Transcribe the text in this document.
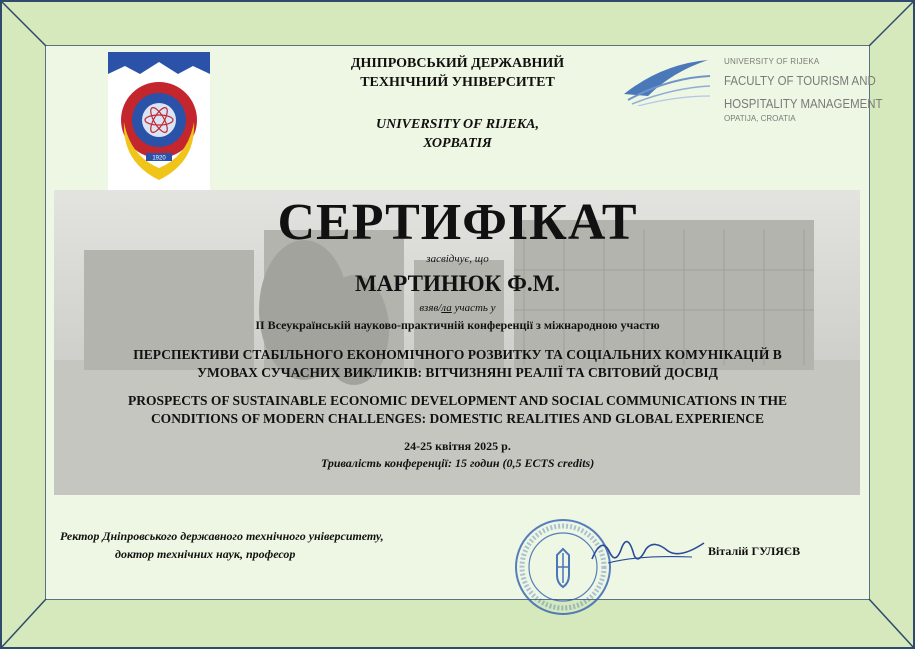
1920
UNIVERSITY OF RIJEKA
FACULTY OF TOURISM AND
HOSPITALITY MANAGEMENT
OPATIJA, CROATIA
ДНІПРОВСЬКИЙ ДЕРЖАВНИЙ
ТЕХНІЧНИЙ УНІВЕРСИТЕТ
UNIVERSITY OF RIJEKA,
ХОРВАТІЯ
СЕРТИФІКАТ
засвідчує, що
МАРТИНЮК Ф.М.
взяв/ла участь у
II Всеукраїнській науково-практичній конференції з міжнародною участю
ПЕРСПЕКТИВИ СТАБІЛЬНОГО ЕКОНОМІЧНОГО РОЗВИТКУ ТА СОЦІАЛЬНИХ КОМУНІКАЦІЙ В
УМОВАХ СУЧАСНИХ ВИКЛИКІВ: ВІТЧИЗНЯНІ РЕАЛІЇ ТА СВІТОВИЙ ДОСВІД
PROSPECTS OF SUSTAINABLE ECONOMIC DEVELOPMENT AND SOCIAL COMMUNICATIONS IN THE
CONDITIONS OF MODERN CHALLENGES: DOMESTIC REALITIES AND GLOBAL EXPERIENCE
24-25 квітня 2025 р.
Тривалість конференції: 15 годин (0,5 ECTS credits)
Ректор Дніпровського державного технічного університету,
доктор технічних наук, професор	Віталій ГУЛЯЄВ
